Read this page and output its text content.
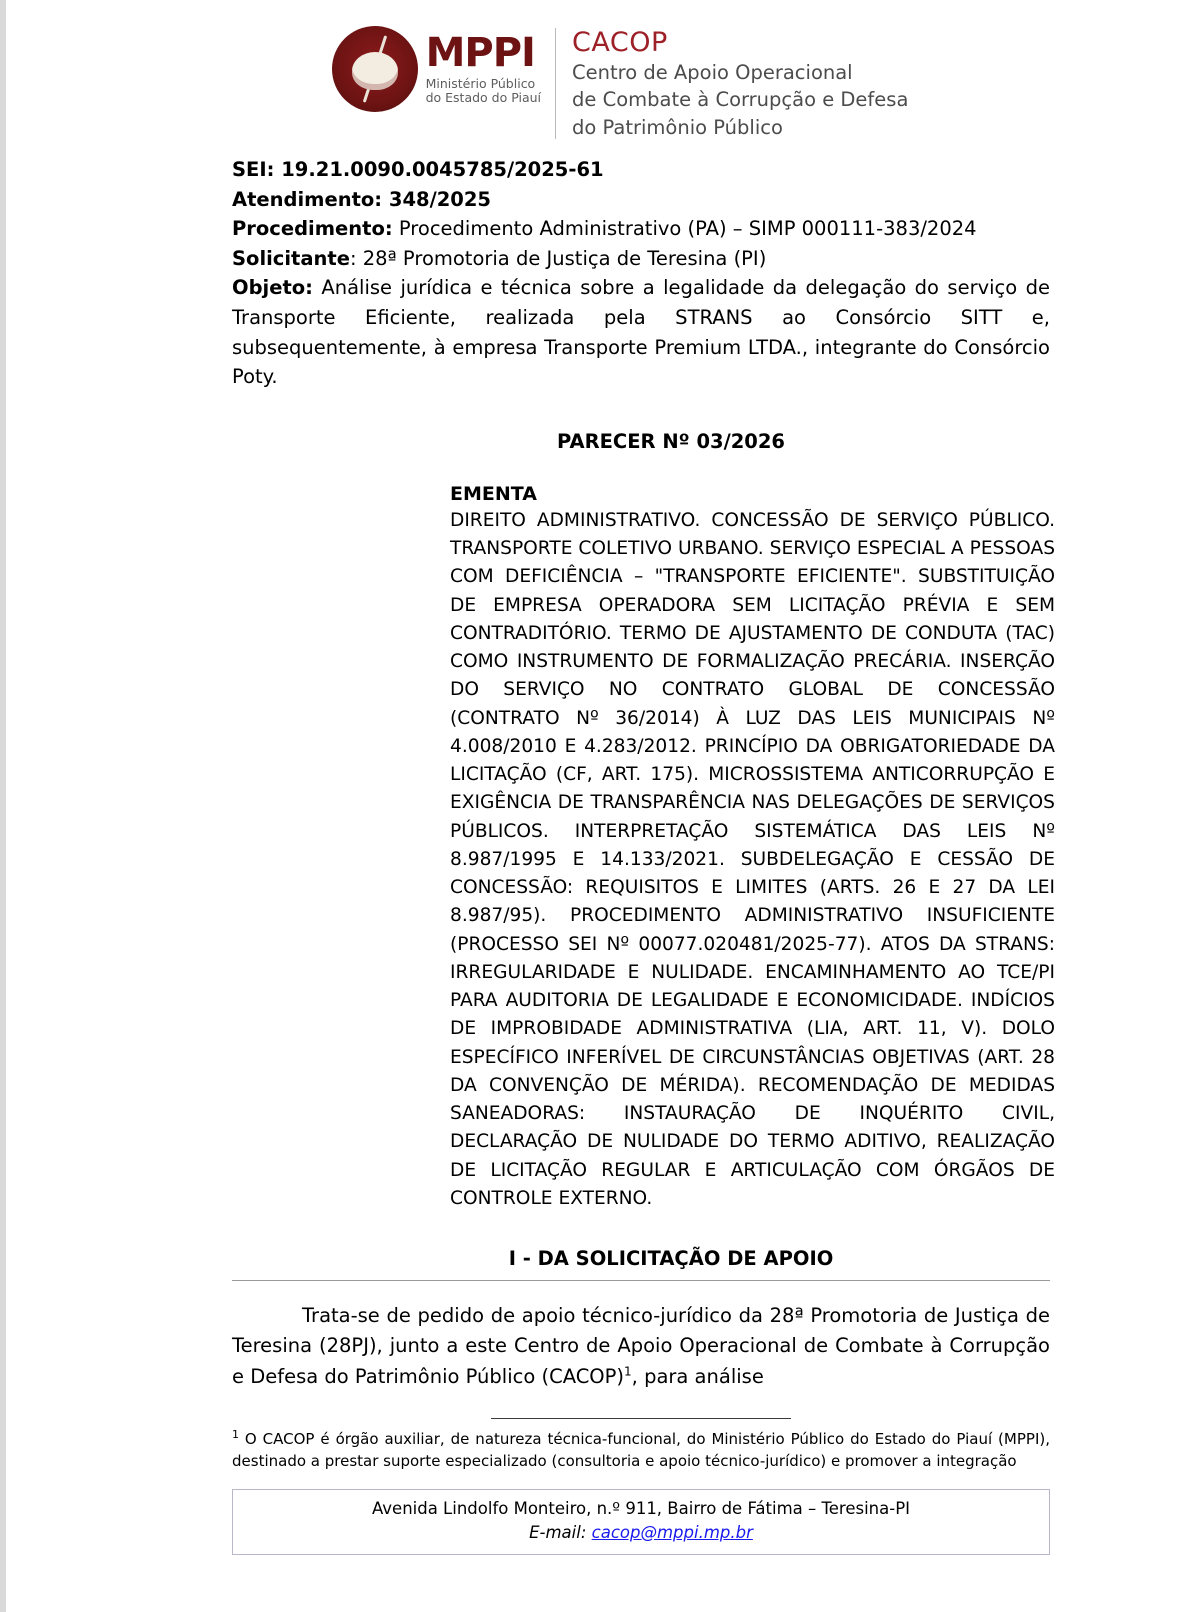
MPPI
Ministério Público
do Estado do Piauí
CACOP
Centro de Apoio Operacional
de Combate à Corrupção e Defesa
do Patrimônio Público

SEI: 19.21.0090.0045785/2025-61

Atendimento: 348/2025

Procedimento: Procedimento Administrativo (PA) – SIMP 000111-383/2024

Solicitante: 28ª Promotoria de Justiça de Teresina (PI)

Objeto: Análise jurídica e técnica sobre a legalidade da delegação do serviço de Transporte Eficiente, realizada pela STRANS ao Consórcio SITT e, subsequentemente, à empresa Transporte Premium LTDA., integrante do Consórcio Poty.

PARECER Nº 03/2026
EMENTA
DIREITO ADMINISTRATIVO. CONCESSÃO DE SERVIÇO PÚBLICO. TRANSPORTE COLETIVO URBANO. SERVIÇO ESPECIAL A PESSOAS COM DEFICIÊNCIA – "TRANSPORTE EFICIENTE". SUBSTITUIÇÃO DE EMPRESA OPERADORA SEM LICITAÇÃO PRÉVIA E SEM CONTRADITÓRIO. TERMO DE AJUSTAMENTO DE CONDUTA (TAC) COMO INSTRUMENTO DE FORMALIZAÇÃO PRECÁRIA. INSERÇÃO DO SERVIÇO NO CONTRATO GLOBAL DE CONCESSÃO (CONTRATO Nº 36/2014) À LUZ DAS LEIS MUNICIPAIS Nº 4.008/2010 E 4.283/2012. PRINCÍPIO DA OBRIGATORIEDADE DA LICITAÇÃO (CF, ART. 175). MICROSSISTEMA ANTICORRUPÇÃO E EXIGÊNCIA DE TRANSPARÊNCIA NAS DELEGAÇÕES DE SERVIÇOS PÚBLICOS. INTERPRETAÇÃO SISTEMÁTICA DAS LEIS Nº 8.987/1995 E 14.133/2021. SUBDELEGAÇÃO E CESSÃO DE CONCESSÃO: REQUISITOS E LIMITES (ARTS. 26 E 27 DA LEI 8.987/95). PROCEDIMENTO ADMINISTRATIVO INSUFICIENTE (PROCESSO SEI Nº 00077.020481/2025-77). ATOS DA STRANS: IRREGULARIDADE E NULIDADE. ENCAMINHAMENTO AO TCE/PI PARA AUDITORIA DE LEGALIDADE E ECONOMICIDADE. INDÍCIOS DE IMPROBIDADE ADMINISTRATIVA (LIA, ART. 11, V). DOLO ESPECÍFICO INFERÍVEL DE CIRCUNSTÂNCIAS OBJETIVAS (ART. 28 DA CONVENÇÃO DE MÉRIDA). RECOMENDAÇÃO DE MEDIDAS SANEADORAS: INSTAURAÇÃO DE INQUÉRITO CIVIL, DECLARAÇÃO DE NULIDADE DO TERMO ADITIVO, REALIZAÇÃO DE LICITAÇÃO REGULAR E ARTICULAÇÃO COM ÓRGÃOS DE CONTROLE EXTERNO.
I - DA SOLICITAÇÃO DE APOIO

Trata-se de pedido de apoio técnico-jurídico da 28ª Promotoria de Justiça de Teresina (28PJ), junto a este Centro de Apoio Operacional de Combate à Corrupção e Defesa do Patrimônio Público (CACOP)$^1$, para análise

$^1$ O CACOP é órgão auxiliar, de natureza técnica-funcional, do Ministério Público do Estado do Piauí (MPPI), destinado a prestar suporte especializado (consultoria e apoio técnico-jurídico) e promover a integração

Avenida Lindolfo Monteiro, n.º 911, Bairro de Fátima – Teresina-PI
E-mail: cacop@mppi.mp.br
